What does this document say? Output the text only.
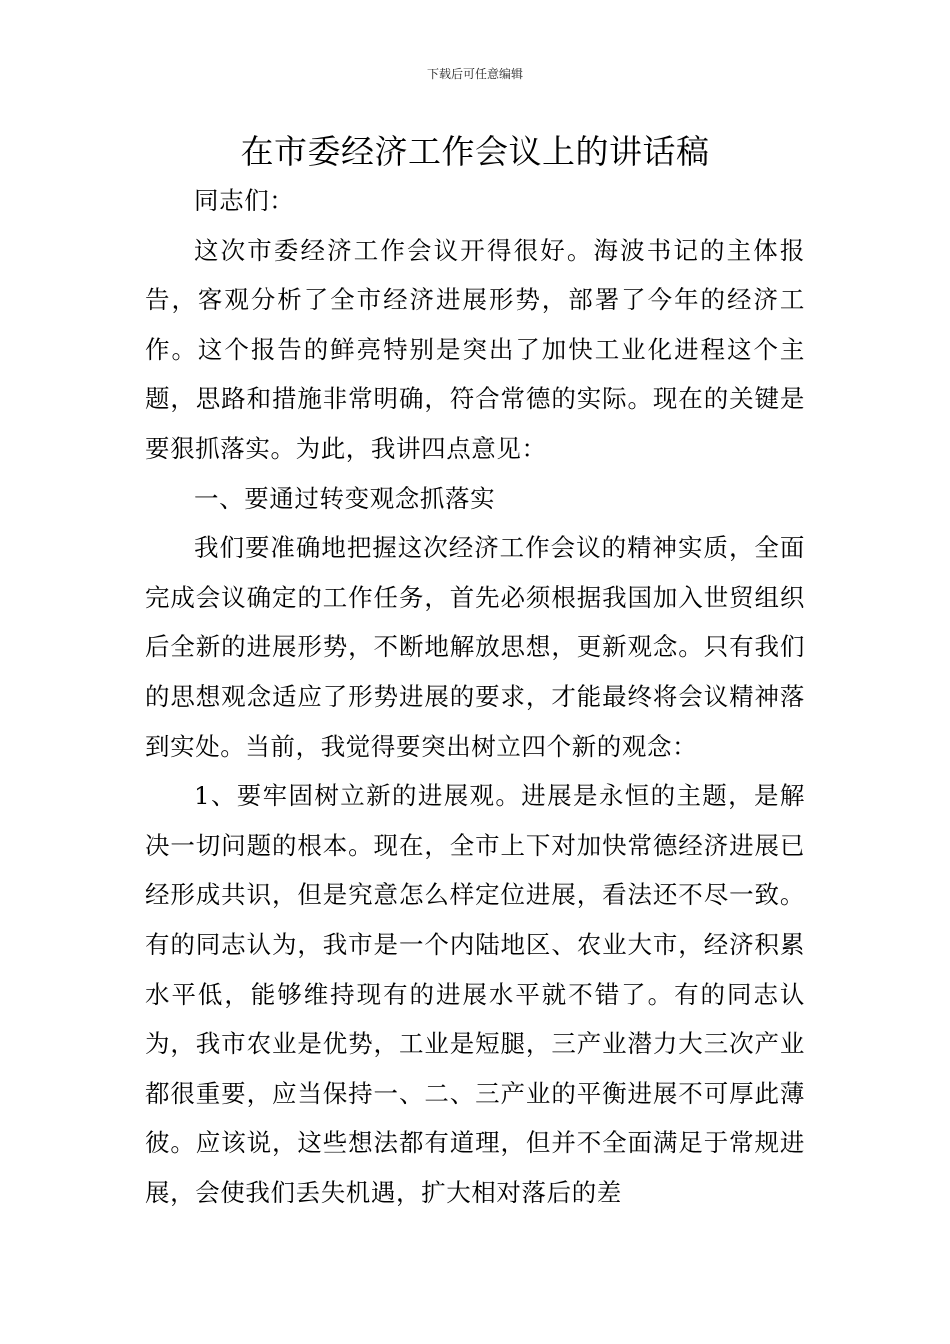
下载后可任意编辑
在市委经济工作会议上的讲话稿

同志们：

这次市委经济工作会议开得很好。海波书记的主体报告，客观分析了全市经济进展形势，部署了今年的经济工作。这个报告的鲜亮特别是突出了加快工业化进程这个主题，思路和措施非常明确，符合常德的实际。现在的关键是要狠抓落实。为此，我讲四点意见：

一、要通过转变观念抓落实

我们要准确地把握这次经济工作会议的精神实质，全面完成会议确定的工作任务，首先必须根据我国加入世贸组织后全新的进展形势，不断地解放思想，更新观念。只有我们的思想观念适应了形势进展的要求，才能最终将会议精神落到实处。当前，我觉得要突出树立四个新的观念：

1、要牢固树立新的进展观。进展是永恒的主题，是解决一切问题的根本。现在，全市上下对加快常德经济进展已经形成共识，但是究意怎么样定位进展，看法还不尽一致。有的同志认为，我市是一个内陆地区、农业大市，经济积累水平低，能够维持现有的进展水平就不错了。有的同志认为，我市农业是优势，工业是短腿，三产业潜力大三次产业都很重要，应当保持一、二、三产业的平衡进展不可厚此薄彼。应该说，这些想法都有道理，但并不全面满足于常规进展，会使我们丢失机遇，扩大相对落后的差
